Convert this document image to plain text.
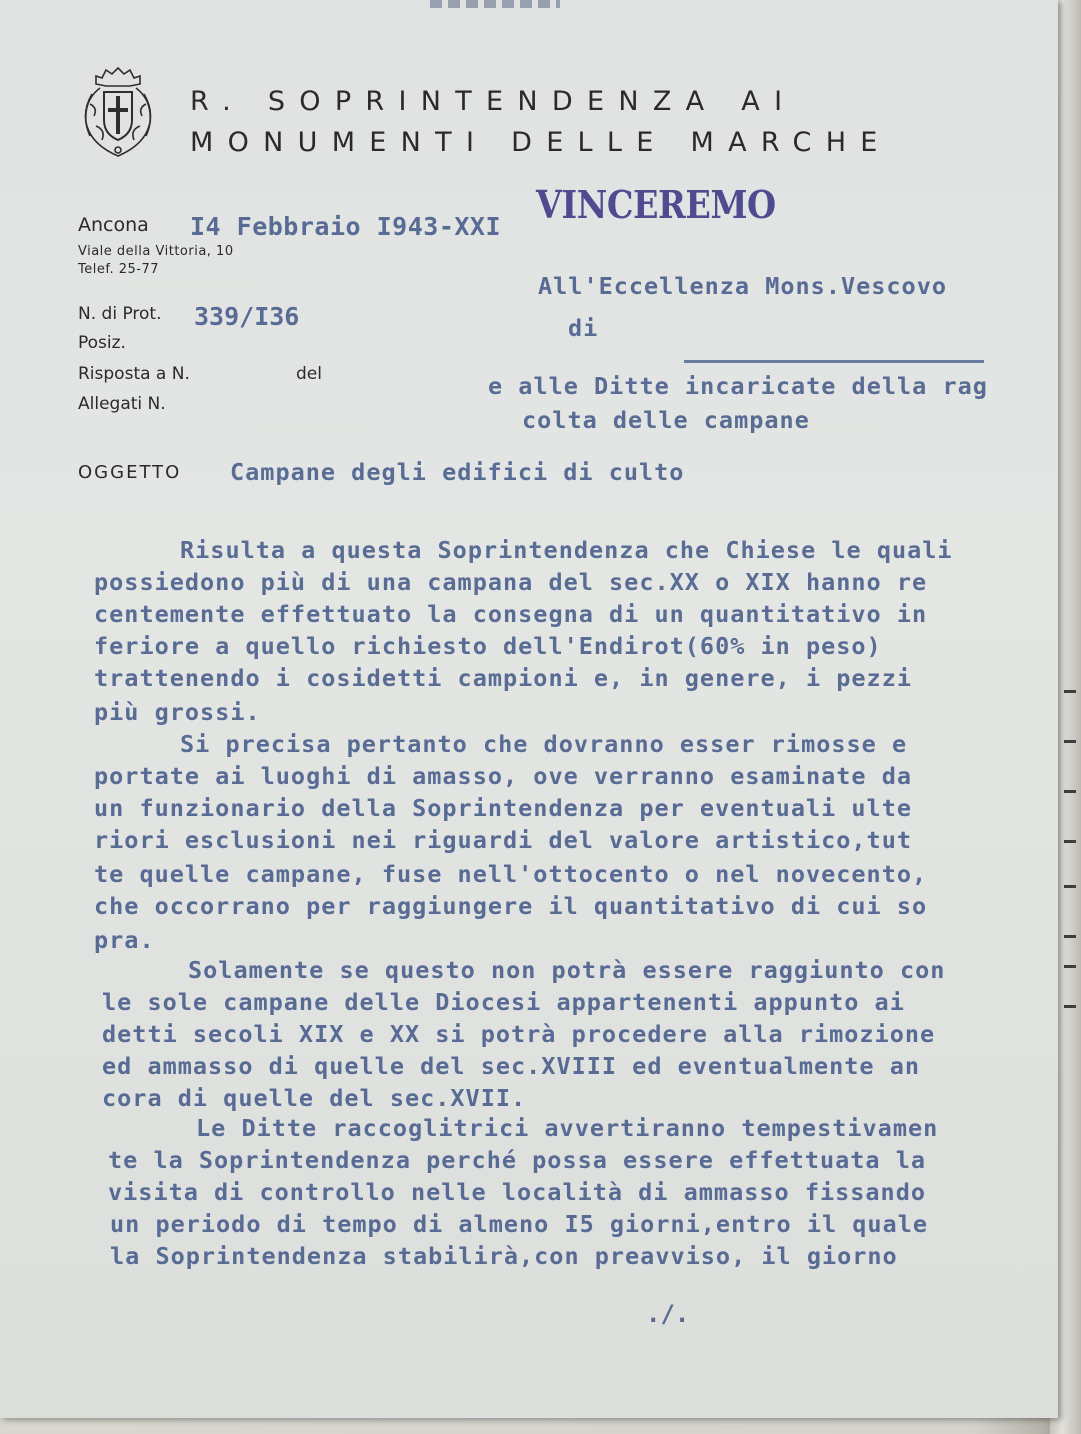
R. SOPRINTENDENZA AI
MONUMENTI DELLE MARCHE
Ancona
Viale della Vittoria, 10
Telef. 25-77
I4 Febbraio I943-XXI VINCEREMO
N. di Prot. 339/I36
Posiz.
Risposta a N.	del
Allegati N.
All'Eccellenza Mons.Vescovo
di
e alle Ditte incaricate della rag
colta delle campane
OGGETTO Campane degli edifici di culto
Risulta a questa Soprintendenza che Chiese le quali
possiedono più di una campana del sec.XX o XIX hanno re
centemente effettuato la consegna di un quantitativo in
feriore a quello richiesto dell'Endirot(60% in peso)
trattenendo i cosidetti campioni e, in genere, i pezzi
più grossi.
Si precisa pertanto che dovranno esser rimosse e
portate ai luoghi di amasso, ove verranno esaminate da
un funzionario della Soprintendenza per eventuali ulte
riori esclusioni nei riguardi del valore artistico,tut
te quelle campane, fuse nell'ottocento o nel novecento,
che occorrano per raggiungere il quantitativo di cui so
pra.
Solamente se questo non potrà essere raggiunto con
le sole campane delle Diocesi appartenenti appunto ai
detti secoli XIX e XX si potrà procedere alla rimozione
ed ammasso di quelle del sec.XVIII ed eventualmente an
cora di quelle del sec.XVII.
Le Ditte raccoglitrici avvertiranno tempestivamen
te la Soprintendenza perché possa essere effettuata la
visita di controllo nelle località di ammasso fissando
un periodo di tempo di almeno I5 giorni,entro il quale
la Soprintendenza stabilirà,con preavviso, il giorno
./.
